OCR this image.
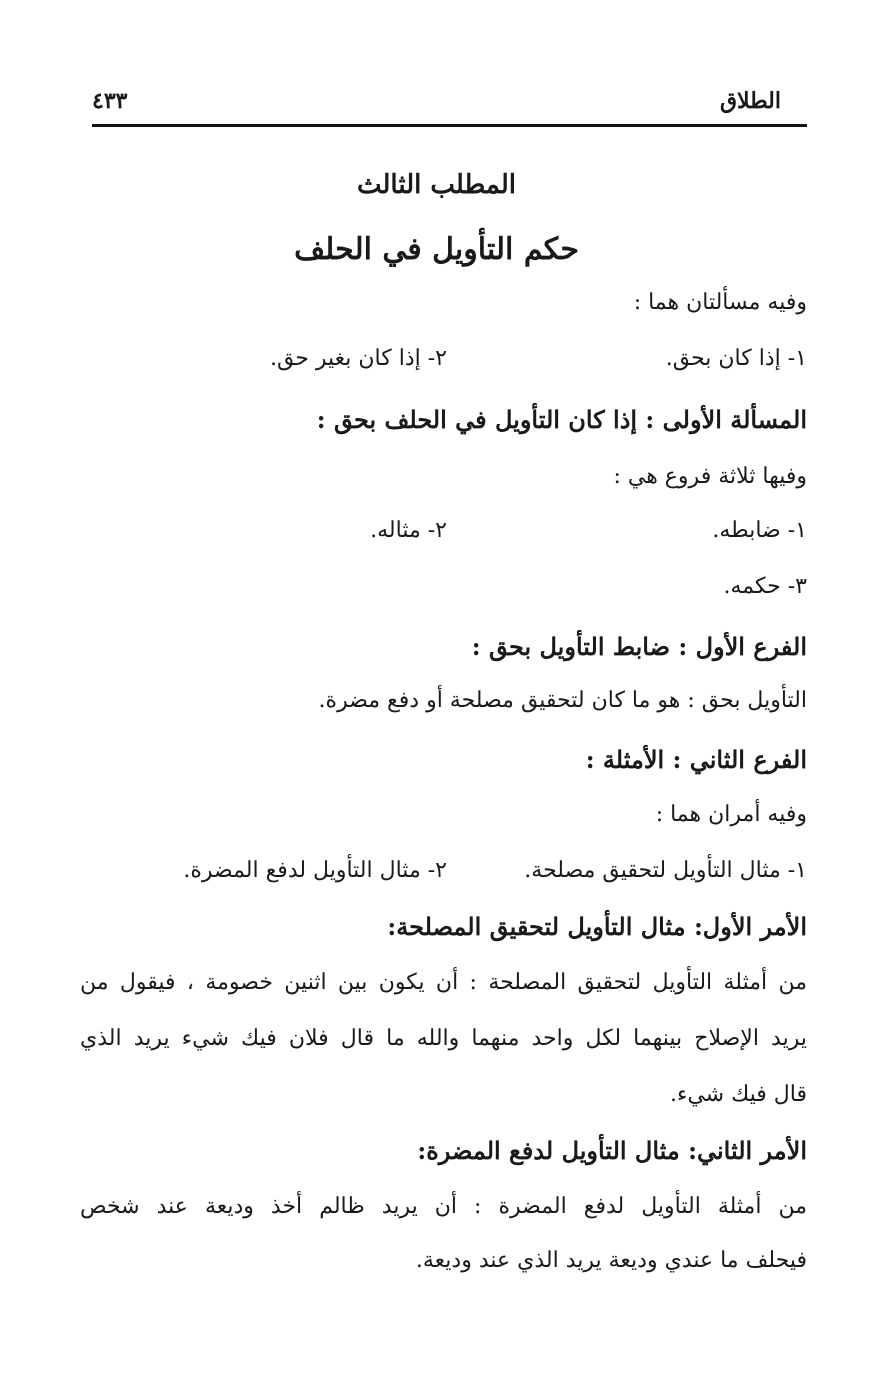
الطلاق
٤٣٣
المطلب الثالث
حكم التأويل في الحلف
وفيه مسألتان هما :
١- إذا كان بحق.
٢- إذا كان بغير حق.
المسألة الأولى : إذا كان التأويل في الحلف بحق :
وفيها ثلاثة فروع هي :
١- ضابطه.
٢- مثاله.
٣- حكمه.
الفرع الأول : ضابط التأويل بحق :
التأويل بحق : هو ما كان لتحقيق مصلحة أو دفع مضرة.
الفرع الثاني : الأمثلة :
وفيه أمران هما :
١- مثال التأويل لتحقيق مصلحة.
٢- مثال التأويل لدفع المضرة.
الأمر الأول: مثال التأويل لتحقيق المصلحة:
من أمثلة التأويل لتحقيق المصلحة : أن يكون بين اثنين خصومة ، فيقول من
يريد الإصلاح بينهما لكل واحد منهما والله ما قال فلان فيك شيء يريد الذي
قال فيك شيء.
الأمر الثاني: مثال التأويل لدفع المضرة:
من أمثلة التأويل لدفع المضرة : أن يريد ظالم أخذ وديعة عند شخص
فيحلف ما عندي وديعة يريد الذي عند وديعة.
